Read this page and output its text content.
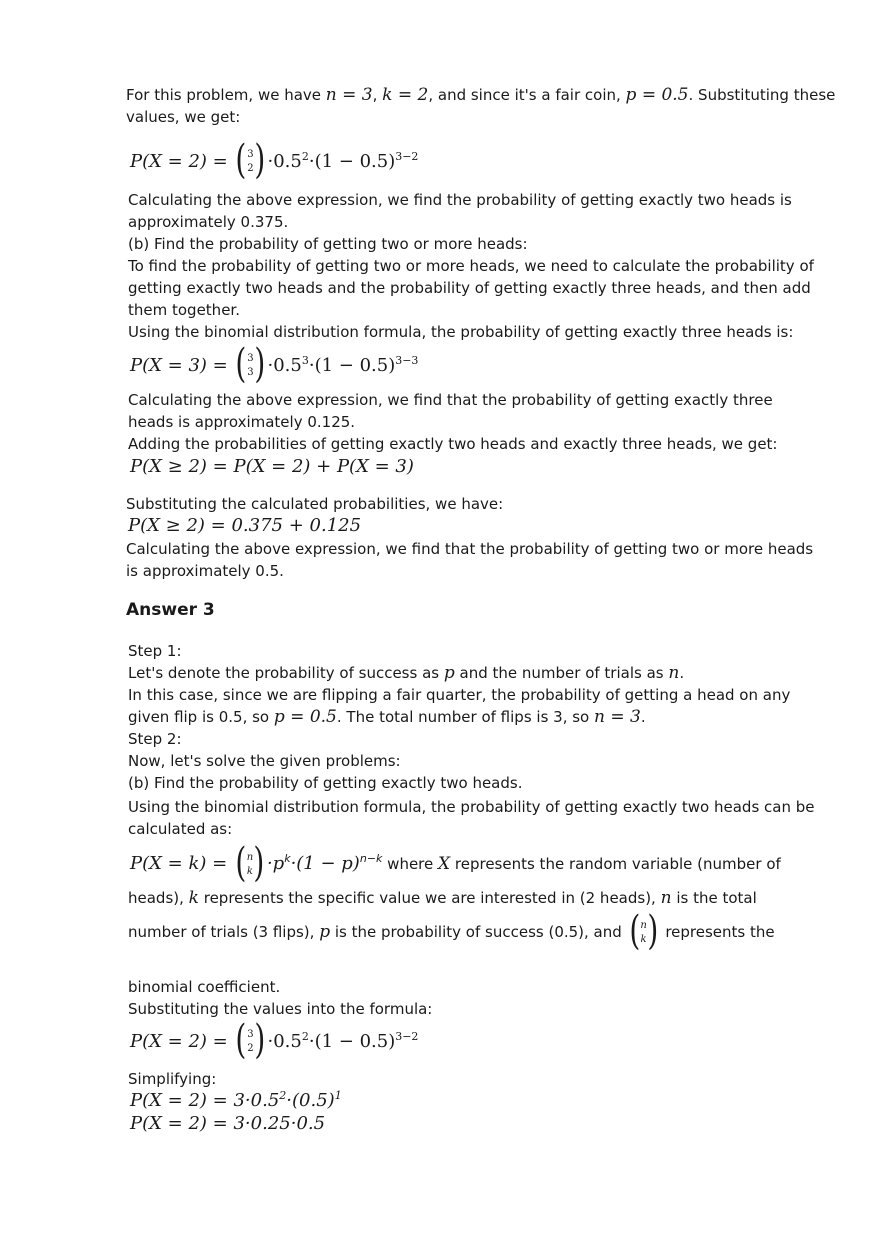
For this problem, we have n = 3, k = 2, and since it's a fair coin, p = 0.5. Substituting these
values, we get:
P(X = 2) = ( 3
2 ) $\cdot 0.5^2\cdot(1 - 0.5)^{3-2}$
Calculating the above expression, we find the probability of getting exactly two heads is
approximately 0.375.
(b) Find the probability of getting two or more heads:
To find the probability of getting two or more heads, we need to calculate the probability of
getting exactly two heads and the probability of getting exactly three heads, and then add
them together.
Using the binomial distribution formula, the probability of getting exactly three heads is:
P(X = 3) = ( 3
3 ) $\cdot 0.5^3\cdot(1 - 0.5)^{3-3}$
Calculating the above expression, we find that the probability of getting exactly three
heads is approximately 0.125.
Adding the probabilities of getting exactly two heads and exactly three heads, we get:
P(X ≥ 2) = P(X = 2) + P(X = 3)
Substituting the calculated probabilities, we have:
P(X ≥ 2) = 0.375 + 0.125
Calculating the above expression, we find that the probability of getting two or more heads
is approximately 0.5.
Answer 3
Step 1:
Let's denote the probability of success as p and the number of trials as n.
In this case, since we are flipping a fair quarter, the probability of getting a head on any
given flip is 0.5, so p = 0.5. The total number of flips is 3, so n = 3.
Step 2:
Now, let's solve the given problems:
(b) Find the probability of getting exactly two heads.
Using the binomial distribution formula, the probability of getting exactly two heads can be
calculated as:
P(X = k) = ( n
k ) $\cdot p^k\cdot(1 - p)^{n-k}$ where X represents the random variable (number of
heads), k represents the specific value we are interested in (2 heads), n is the total
number of trials (3 flips), p is the probability of success (0.5), and ( n
k ) represents the
binomial coefficient.
Substituting the values into the formula:
P(X = 2) = ( 3
2 ) $\cdot 0.5^2\cdot(1 - 0.5)^{3-2}$
Simplifying:
$P(X = 2) = 3\cdot 0.5^2\cdot(0.5)^1$
P(X = 2) = 3·0.25·0.5
